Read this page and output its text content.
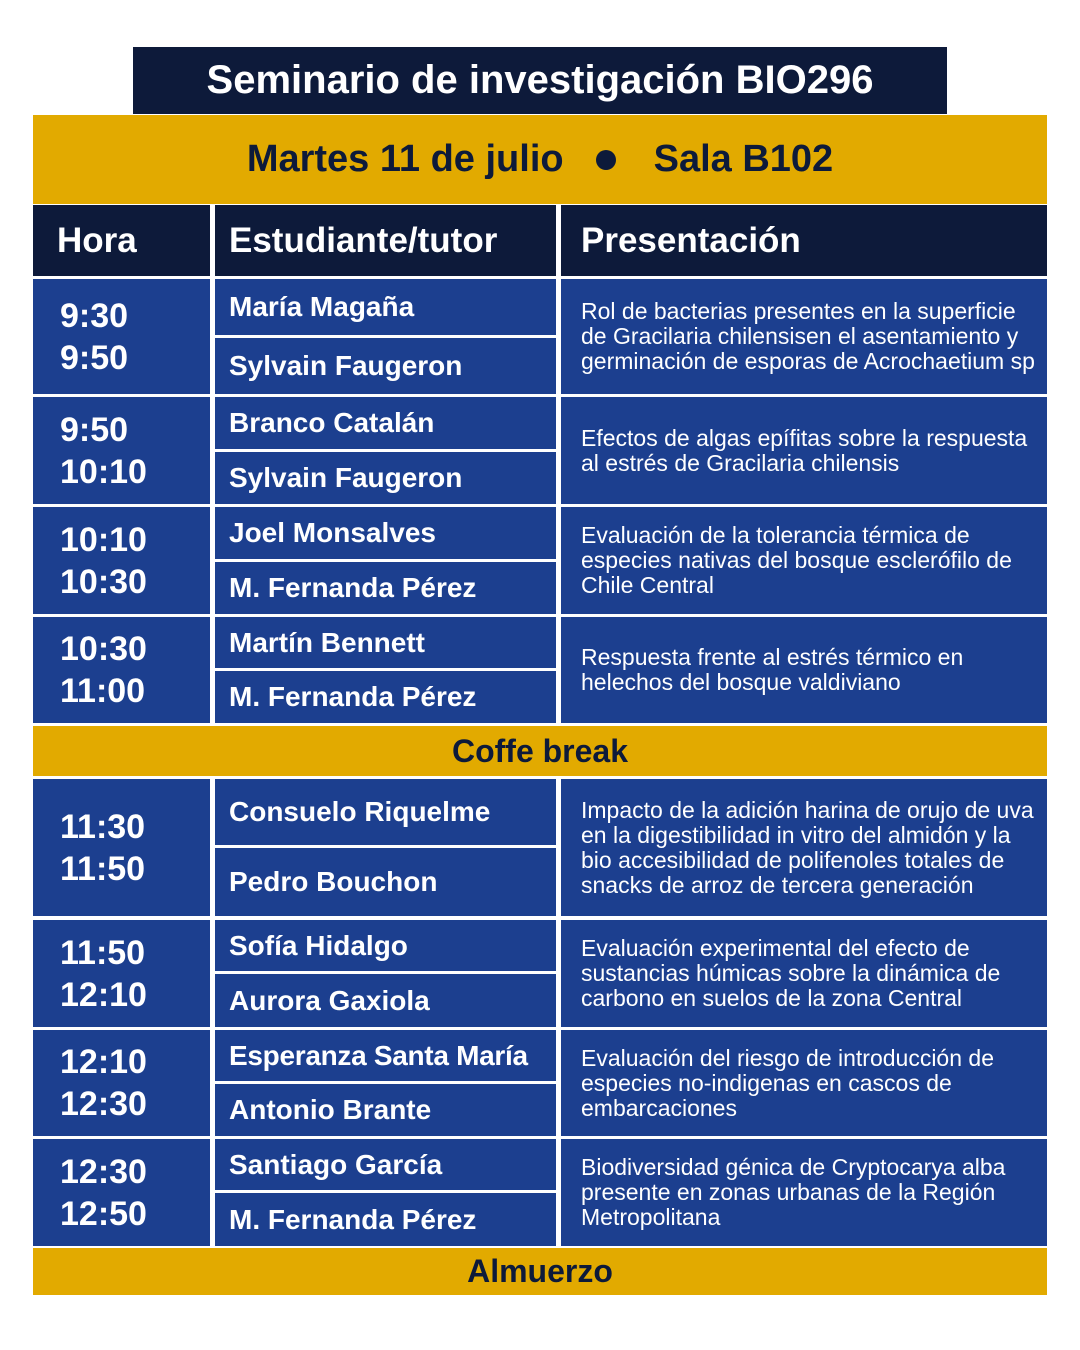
Seminario de investigación BIO296
Martes 11 de julio Sala B102
Hora	Estudiante/tutor	Presentación
9:30
9:50
María Magaña
Sylvain Faugeron
Rol de bacterias presentes en la superficie de Gracilaria chilensisen el asentamiento y germinación de esporas de Acrochaetium sp
9:50
10:10
Branco Catalán
Sylvain Faugeron
Efectos de algas epífitas sobre la respuesta al estrés de Gracilaria chilensis
10:10
10:30
Joel Monsalves
M. Fernanda Pérez
Evaluación de la tolerancia térmica de especies nativas del bosque esclerófilo de Chile Central
10:30
11:00
Martín Bennett
M. Fernanda Pérez
Respuesta frente al estrés térmico en helechos del bosque valdiviano
Coffe break
11:30
11:50
Consuelo Riquelme
Pedro Bouchon
Impacto de la adición harina de orujo de uva en la digestibilidad in vitro del almidón y la bio accesibilidad de polifenoles totales de snacks de arroz de tercera generación
11:50
12:10
Sofía Hidalgo
Aurora Gaxiola
Evaluación experimental del efecto de sustancias húmicas sobre la dinámica de carbono en suelos de la zona Central
12:10
12:30
Esperanza Santa María
Antonio Brante
Evaluación del riesgo de introducción de especies no-indigenas en cascos de embarcaciones
12:30
12:50
Santiago García
M. Fernanda Pérez
Biodiversidad génica de Cryptocarya alba presente en zonas urbanas de la Región Metropolitana
Almuerzo
